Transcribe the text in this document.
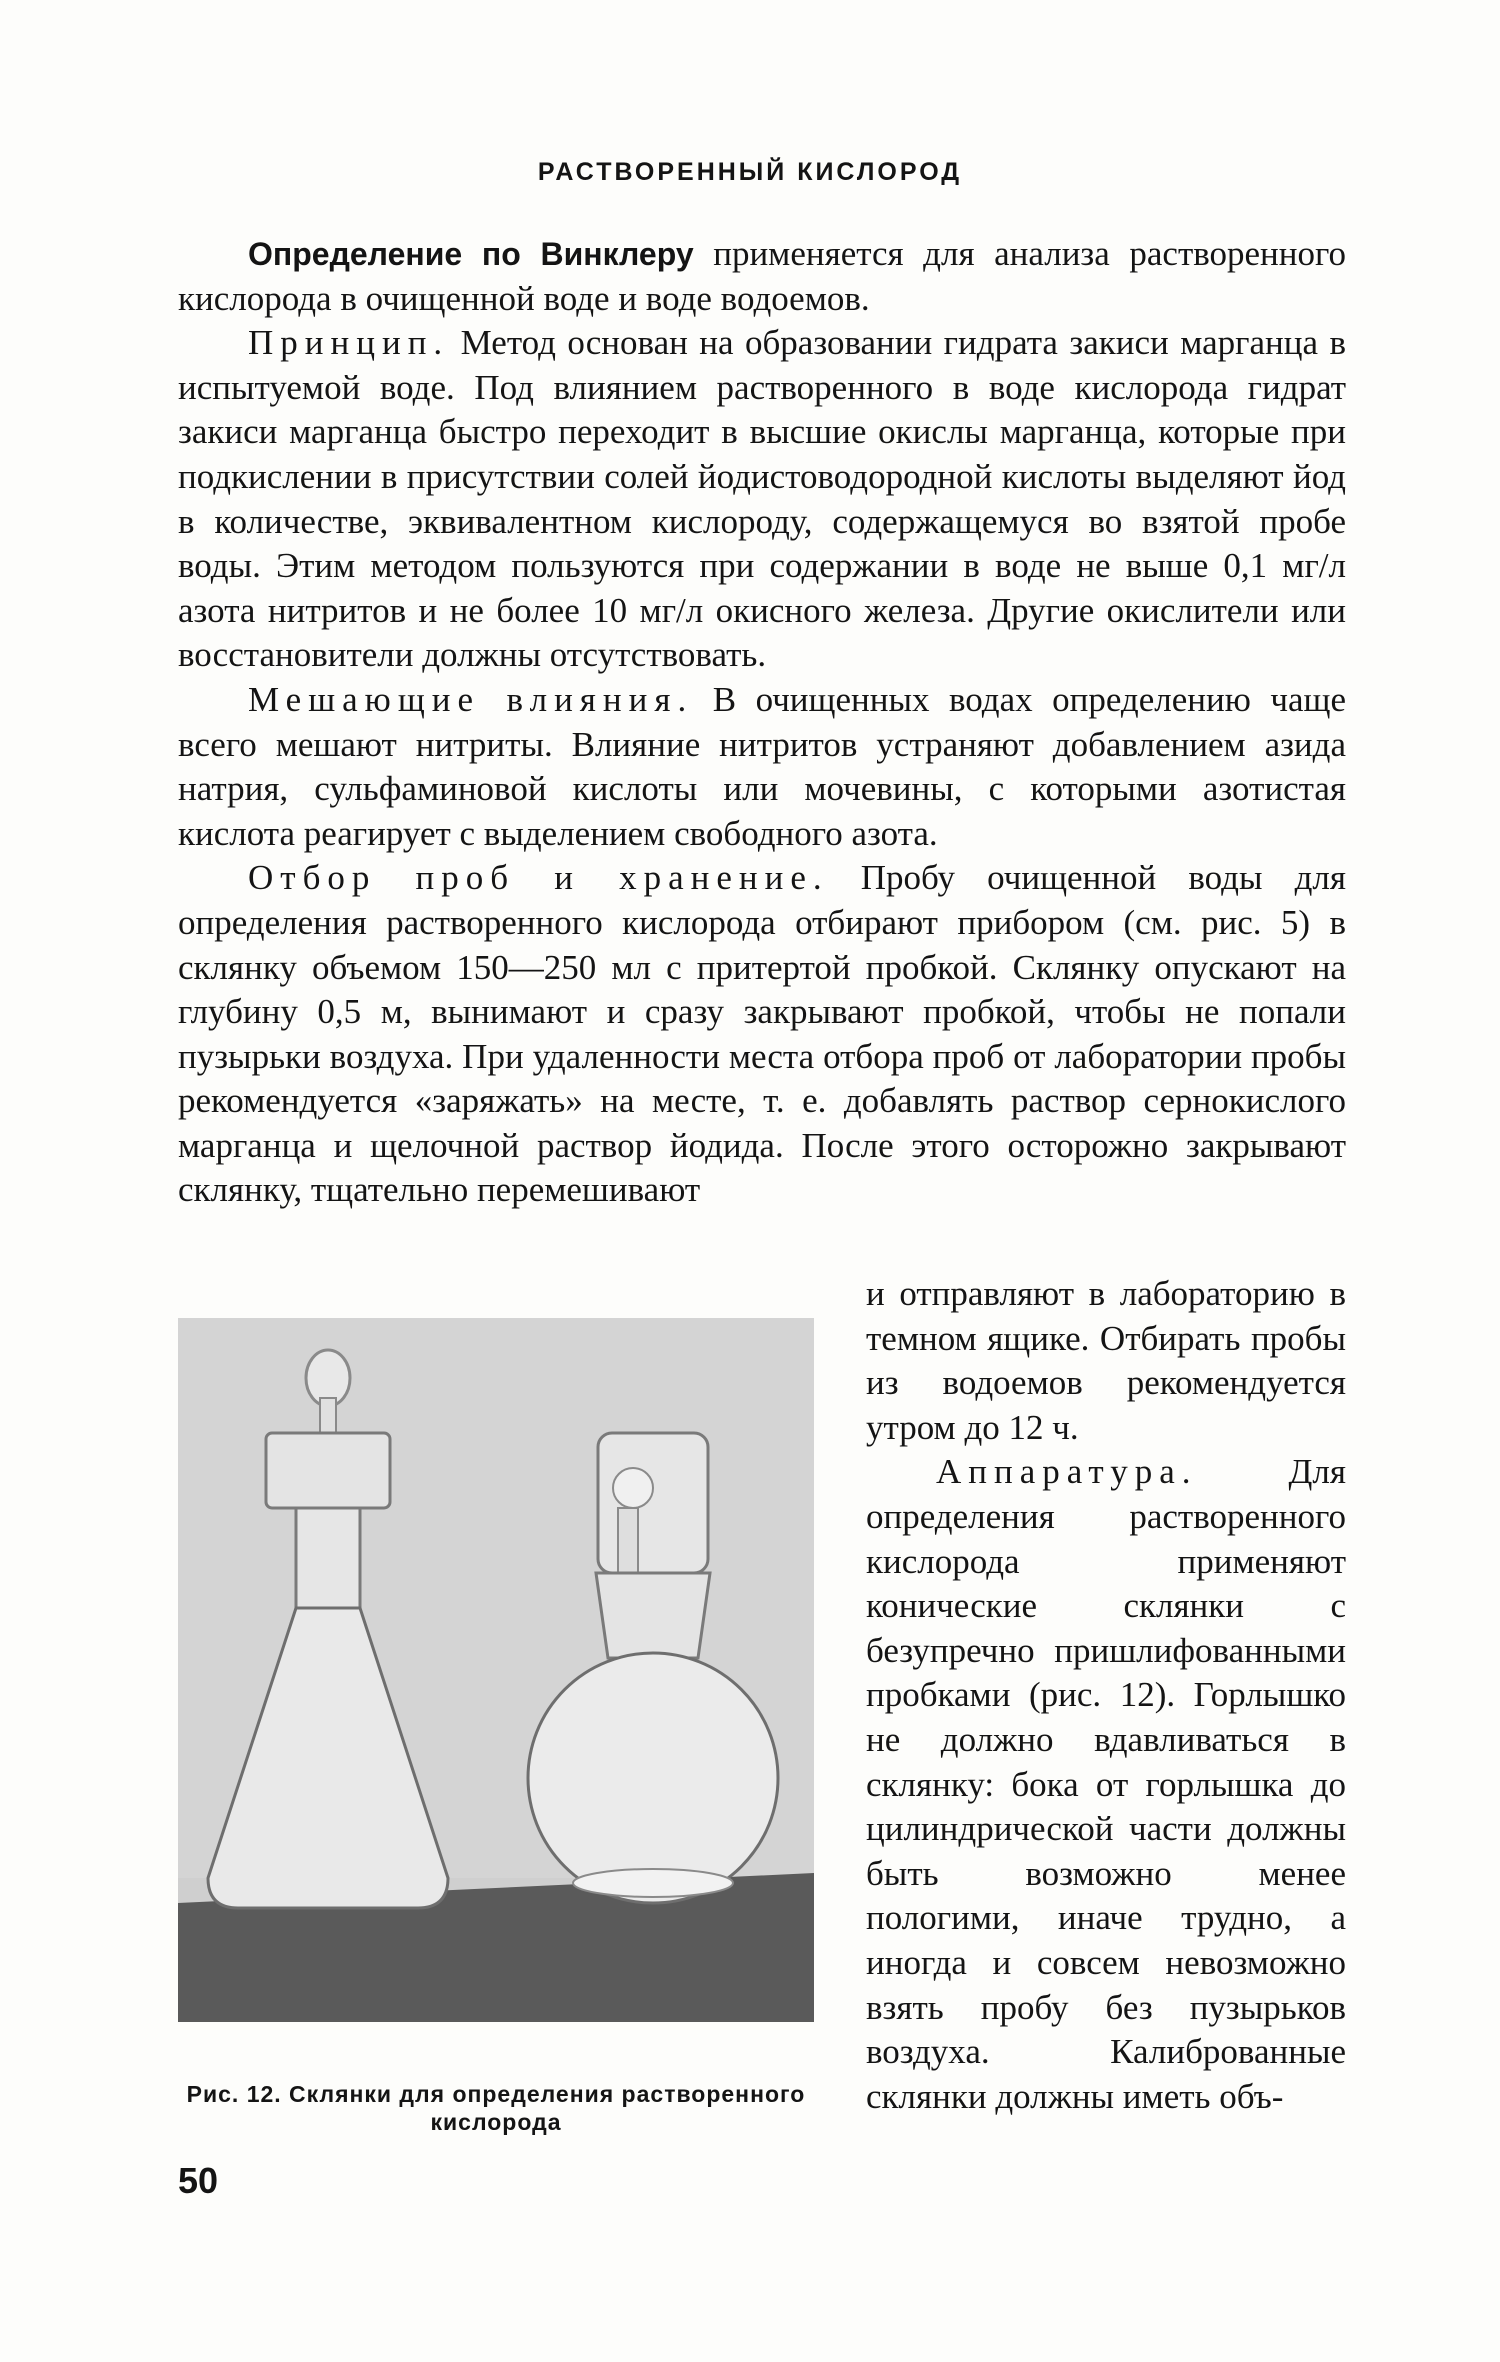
РАСТВОРЕННЫЙ КИСЛОРОД

Определение по Винклеру применяется для анализа растворенного кислорода в очищенной воде и воде водоемов.

Принцип. Метод основан на образовании гидрата закиси марганца в испытуемой воде. Под влиянием растворенного в воде кислорода гидрат закиси марганца быстро переходит в высшие окислы марганца, которые при подкислении в присутствии солей йодистоводородной кислоты выделяют йод в количестве, эквивалентном кислороду, содержащемуся во взятой пробе воды. Этим методом пользуются при содержании в воде не выше 0,1 мг/л азота нитритов и не более 10 мг/л окисного железа. Другие окислители или восстановители должны отсутствовать.

Мешающие влияния. В очищенных водах определению чаще всего мешают нитриты. Влияние нитритов устраняют добавлением азида натрия, сульфаминовой кислоты или мочевины, с которыми азотистая кислота реагирует с выделением свободного азота.

Отбор проб и хранение. Пробу очищенной воды для определения растворенного кислорода отбирают прибором (см. рис. 5) в склянку объемом 150—250 мл с притертой пробкой. Склянку опускают на глубину 0,5 м, вынимают и сразу закрывают пробкой, чтобы не попали пузырьки воздуха. При удаленности места отбора проб от лаборатории пробы рекомендуется «заряжать» на месте, т. е. добавлять раствор сернокислого марганца и щелочной раствор йодида. После этого осторожно закрывают склянку, тщательно перемешивают

Рис. 12. Склянки для определения растворенного кислорода

и отправляют в лабораторию в темном ящике. Отбирать пробы из водоемов рекомендуется утром до 12 ч.

Аппаратура. Для определения растворенного кислорода применяют конические склянки с безупречно пришлифованными пробками (рис. 12). Горлышко не должно вдавливаться в склянку: бока от горлышка до цилиндрической части должны быть возможно менее пологими, иначе трудно, а иногда и совсем невозможно взять пробу без пузырьков воздуха. Калиброванные склянки должны иметь объ-

50
